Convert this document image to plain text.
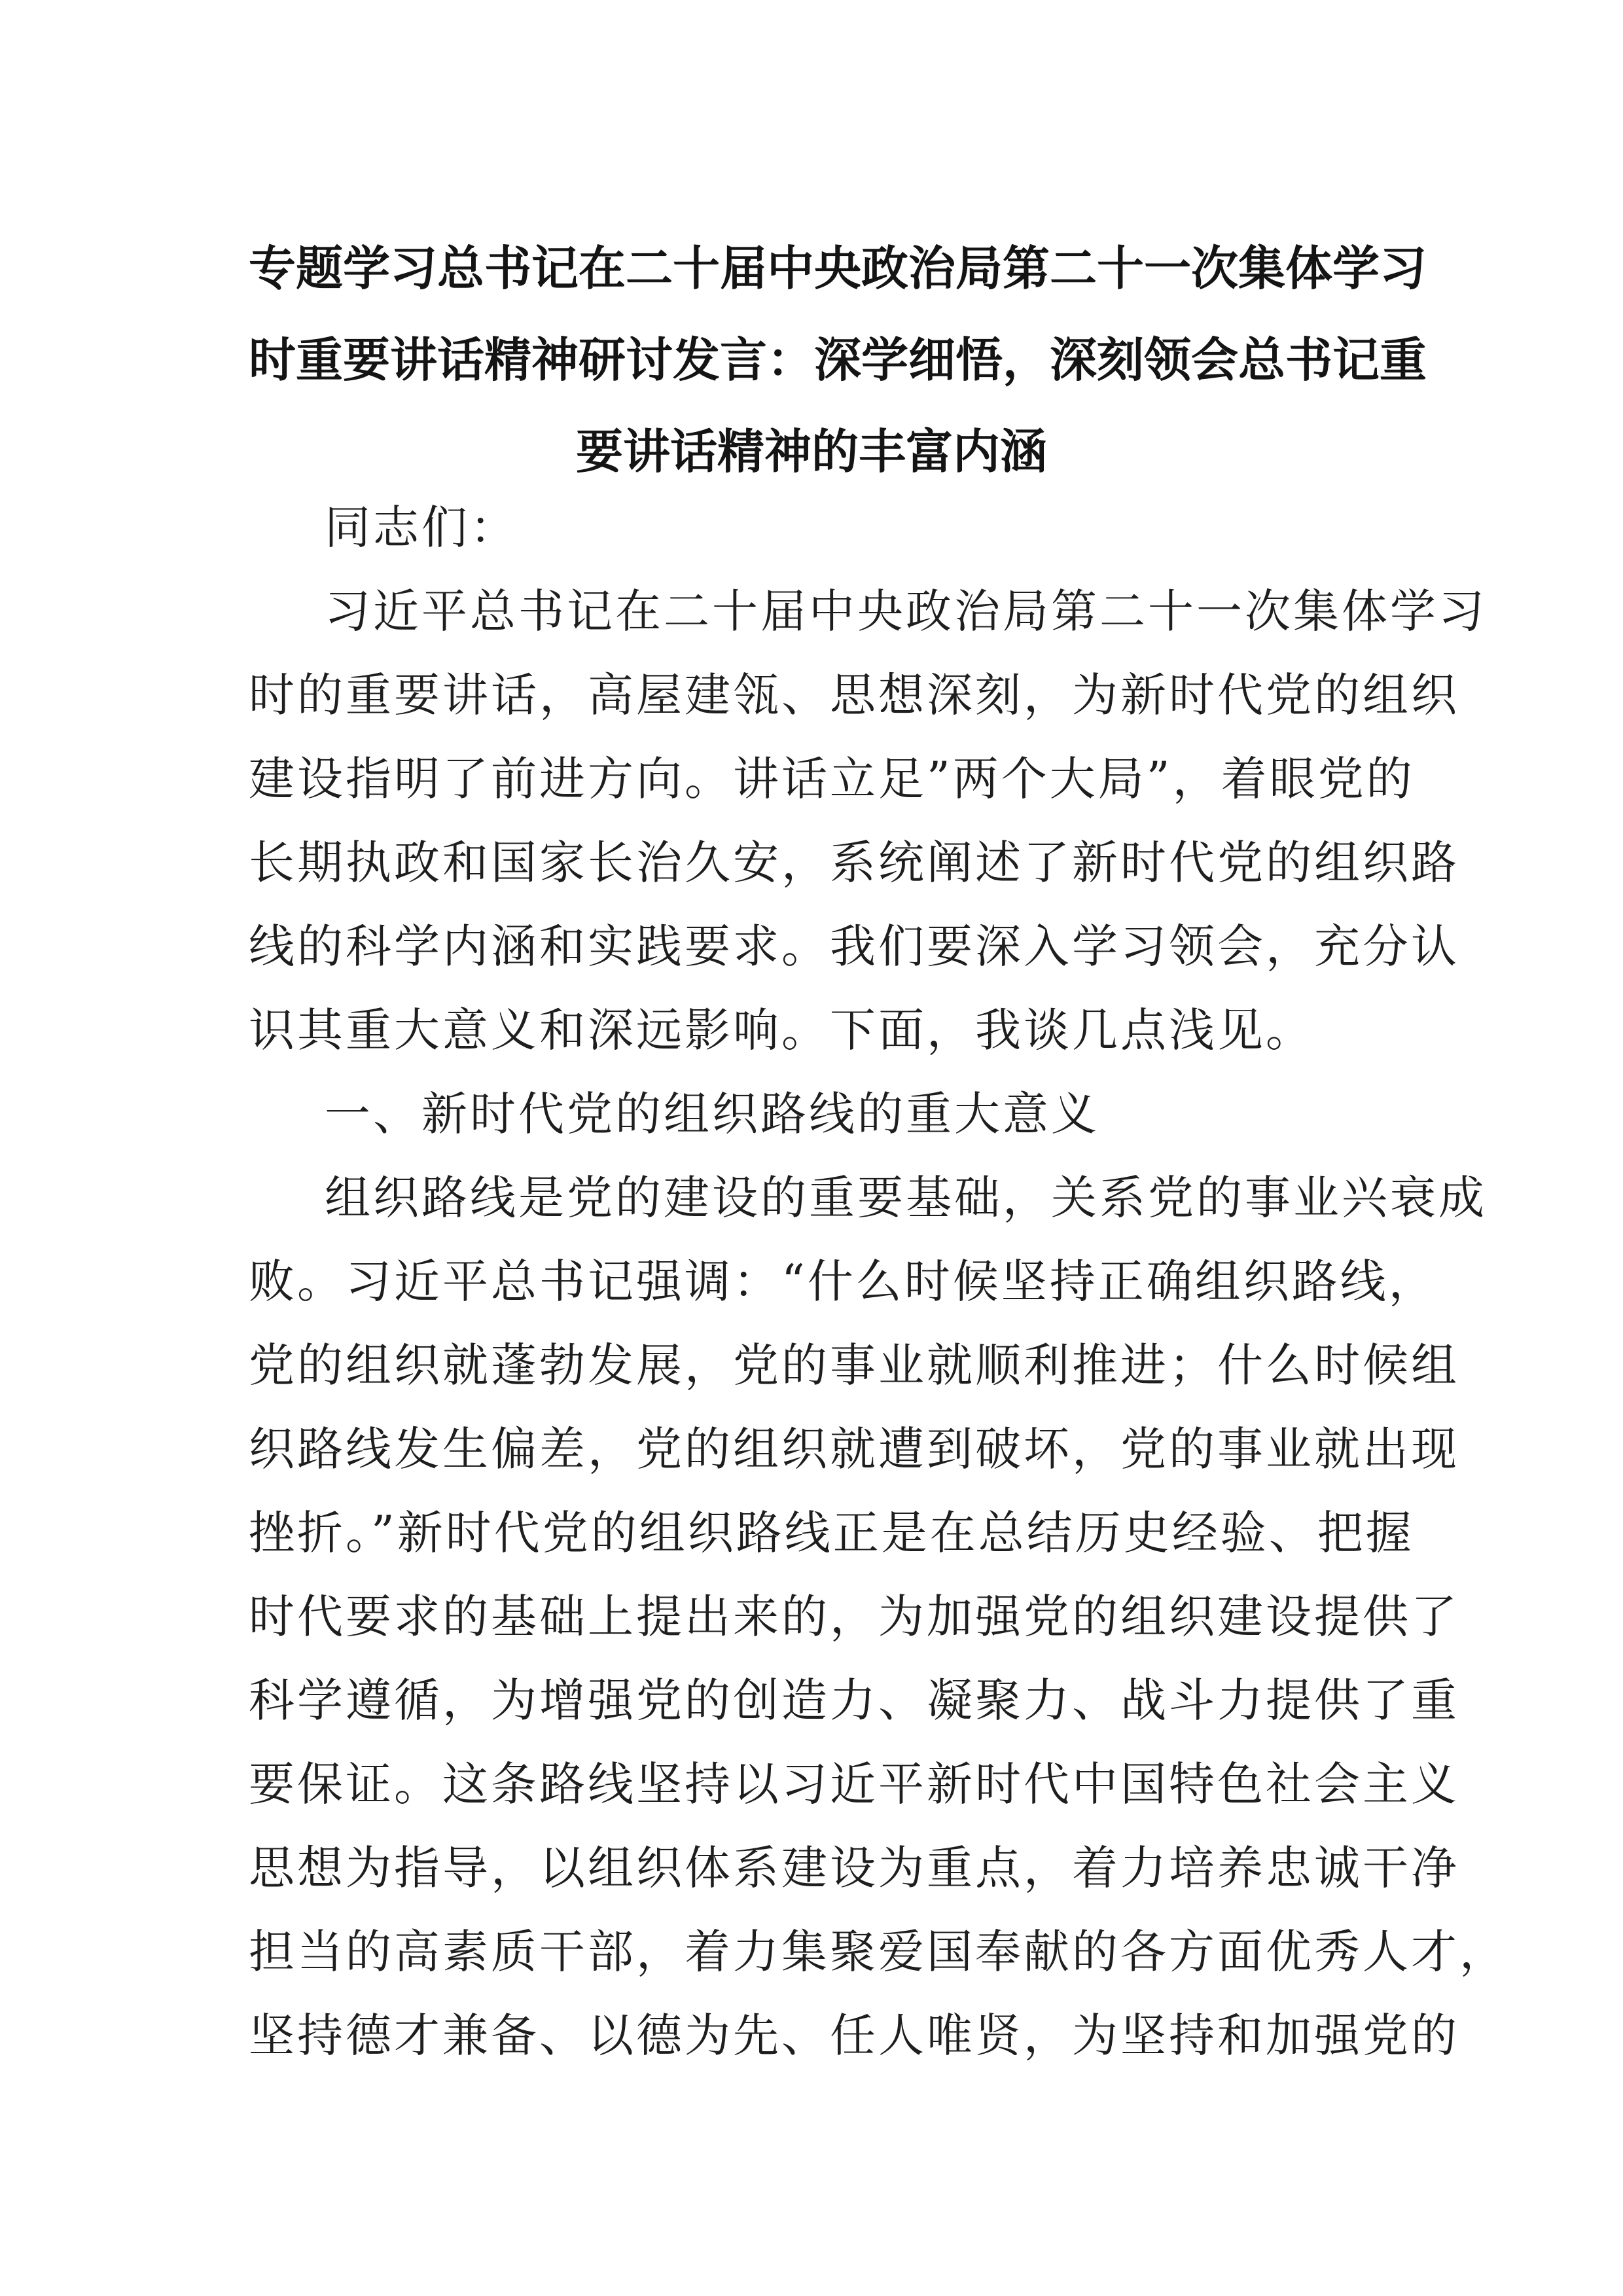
专题学习总书记在二十届中央政治局第二十一次集体学习
时重要讲话精神研讨发言：深学细悟，深刻领会总书记重
要讲话精神的丰富内涵
同志们：
习近平总书记在二十届中央政治局第二十一次集体学习
时的重要讲话，高屋建瓴、思想深刻，为新时代党的组织
建设指明了前进方向。讲话立足”两个大局”，着眼党的
长期执政和国家长治久安，系统阐述了新时代党的组织路
线的科学内涵和实践要求。我们要深入学习领会，充分认
识其重大意义和深远影响。下面，我谈几点浅见。
一、新时代党的组织路线的重大意义
组织路线是党的建设的重要基础，关系党的事业兴衰成
败。习近平总书记强调：“什么时候坚持正确组织路线，
党的组织就蓬勃发展，党的事业就顺利推进；什么时候组
织路线发生偏差，党的组织就遭到破坏，党的事业就出现
挫折。”新时代党的组织路线正是在总结历史经验、把握
时代要求的基础上提出来的，为加强党的组织建设提供了
科学遵循，为增强党的创造力、凝聚力、战斗力提供了重
要保证。这条路线坚持以习近平新时代中国特色社会主义
思想为指导，以组织体系建设为重点，着力培养忠诚干净
担当的高素质干部，着力集聚爱国奉献的各方面优秀人才，
坚持德才兼备、以德为先、任人唯贤，为坚持和加强党的
